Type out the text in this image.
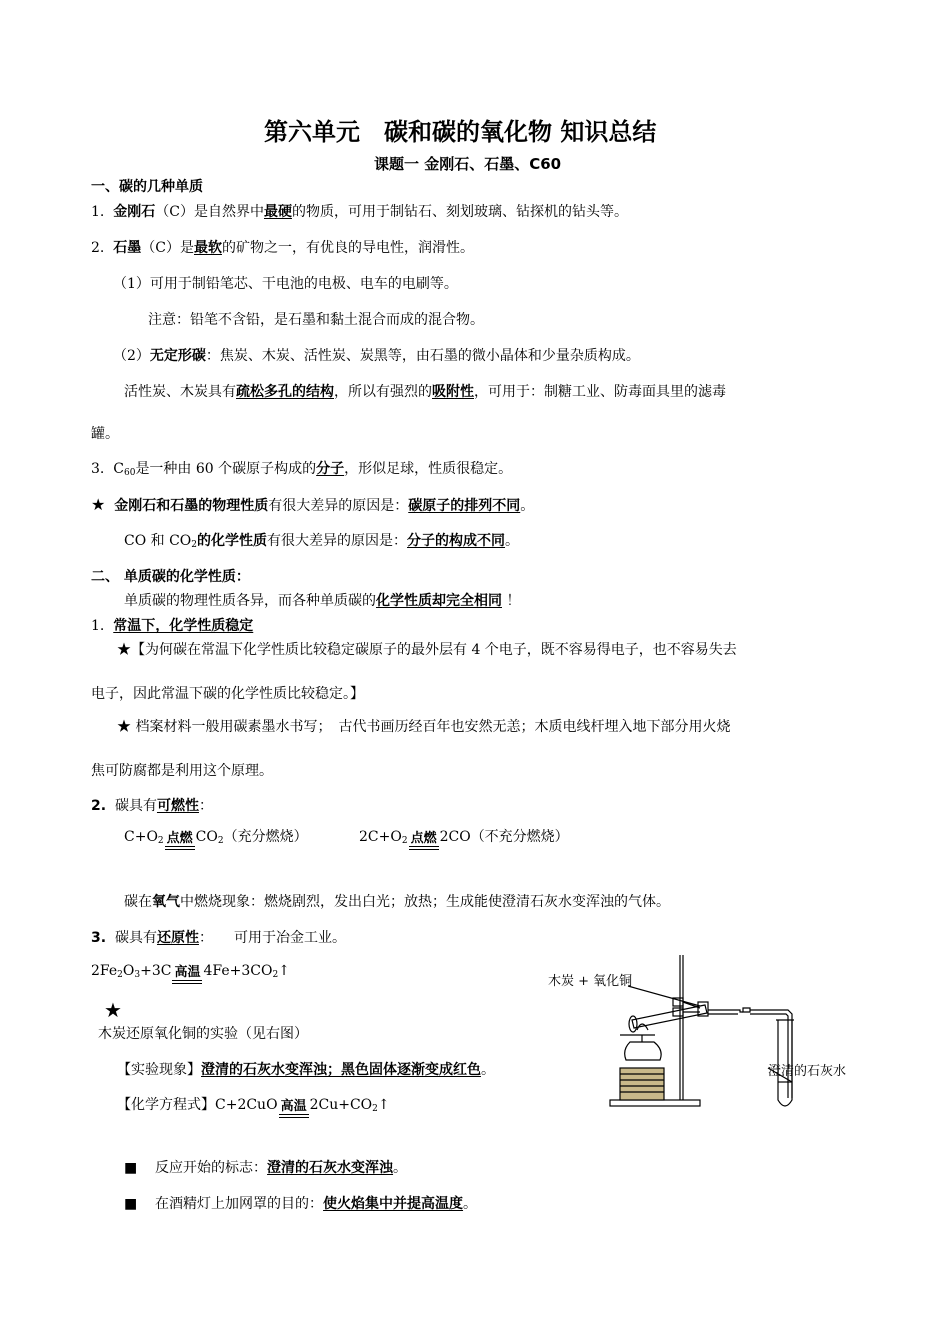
第六单元　碳和碳的氧化物 知识总结
课题一 金刚石、石墨、C60
一、碳的几种单质
1. 金刚石（C）是自然界中最硬的物质，可用于制钻石、刻划玻璃、钻探机的钻头等。
2. 石墨（C）是最软的矿物之一，有优良的导电性，润滑性。
（1）可用于制铅笔芯、干电池的电极、电车的电刷等。
注意：铅笔不含铅，是石墨和黏土混合而成的混合物。
（2）无定形碳：焦炭、木炭、活性炭、炭黑等，由石墨的微小晶体和少量杂质构成。
活性炭、木炭具有疏松多孔的结构，所以有强烈的吸附性，可用于：制糖工业、防毒面具里的滤毒
罐。
3. C60是一种由 60 个碳原子构成的分子，形似足球，性质很稳定。
★ 金刚石和石墨的物理性质有很大差异的原因是：碳原子的排列不同。
CO 和 CO2的化学性质有很大差异的原因是：分子的构成不同。
二、 单质碳的化学性质：
单质碳的物理性质各异，而各种单质碳的化学性质却完全相同 ！
1. 常温下，化学性质稳定
★【为何碳在常温下化学性质比较稳定碳原子的最外层有 4 个电子，既不容易得电子，也不容易失去
电子，因此常温下碳的化学性质比较稳定。】
★ 档案材料一般用碳素墨水书写；　古代书画历经百年也安然无恙；木质电线杆埋入地下部分用火烧
焦可防腐都是利用这个原理。
2. 碳具有可燃性：
C+O2 点燃 CO2（充分燃烧）	2C+O2 点燃 2CO（不充分燃烧）
碳在氧气中燃烧现象：燃烧剧烈，发出白光；放热；生成能使澄清石灰水变浑浊的气体。
3. 碳具有还原性：　　可用于冶金工业。
2Fe2O3+3C 高温 4Fe+3CO2↑
★
木炭还原氧化铜的实验（见右图）
【实验现象】澄清的石灰水变浑浊；黑色固体逐渐变成红色。
【化学方程式】C+2CuO 高温 2Cu+CO2↑
■ 反应开始的标志：澄清的石灰水变浑浊。
■ 在酒精灯上加网罩的目的：使火焰集中并提高温度。
木炭 + 氧化铜
澄清的石灰水
